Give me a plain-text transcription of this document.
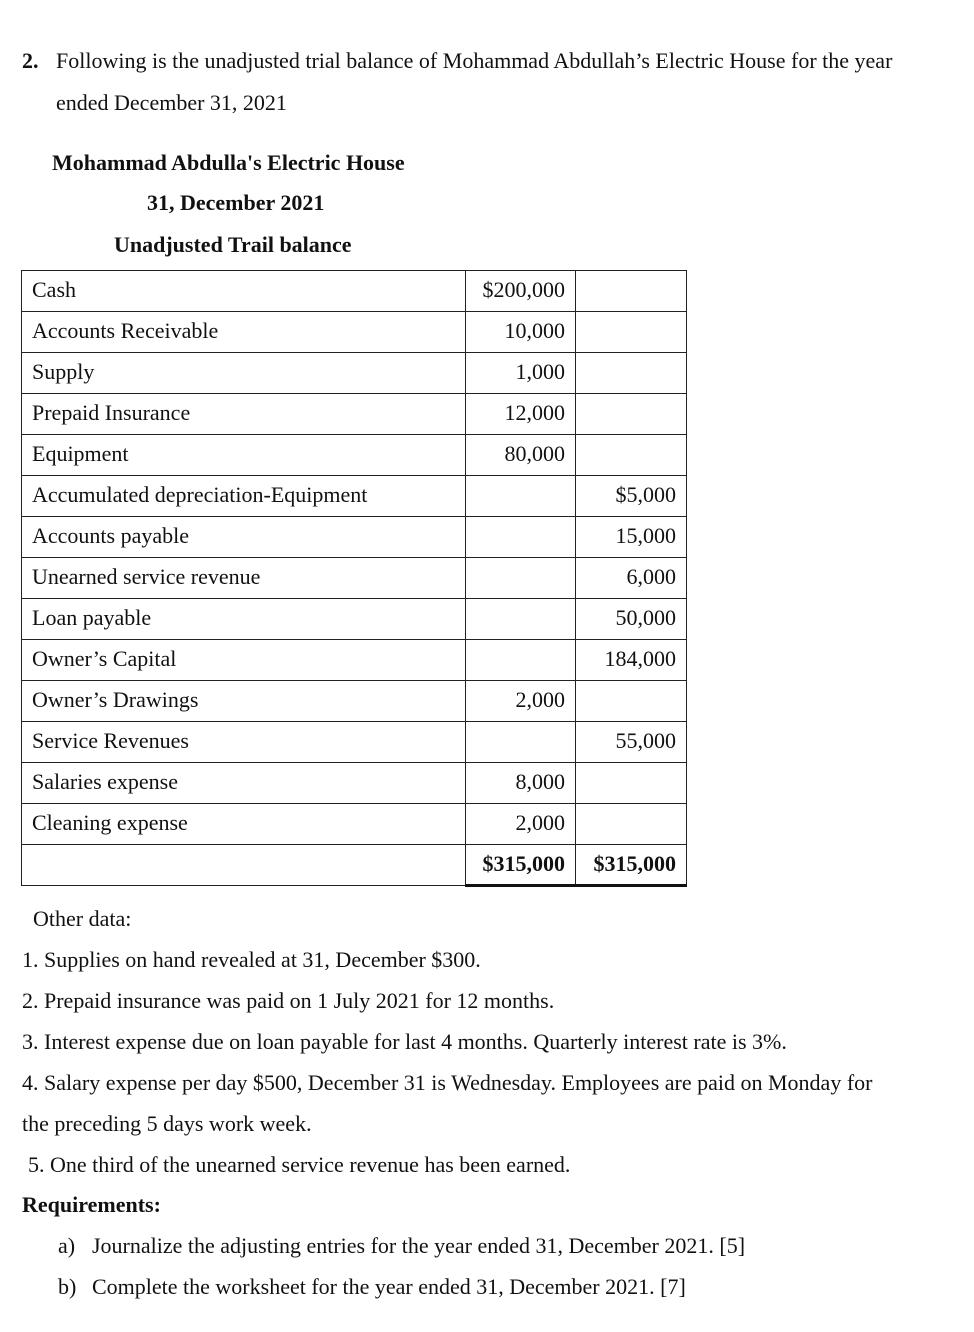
2. Following is the unadjusted trial balance of Mohammad Abdullah’s Electric House for the year
ended December 31, 2021
Mohammad Abdulla's Electric House
31, December 2021
Unadjusted Trail balance
Cash	$200,000	
Accounts Receivable	10,000	
Supply	1,000	
Prepaid Insurance	12,000	
Equipment	80,000	
Accumulated depreciation-Equipment		$5,000
Accounts payable		15,000
Unearned service revenue		6,000
Loan payable		50,000
Owner’s Capital		184,000
Owner’s Drawings	2,000	
Service Revenues		55,000
Salaries expense	8,000	
Cleaning expense	2,000	
	$315,000	$315,000
Other data:
1. Supplies on hand revealed at 31, December $300.
2. Prepaid insurance was paid on 1 July 2021 for 12 months.
3. Interest expense due on loan payable for last 4 months. Quarterly interest rate is 3%.
4. Salary expense per day $500, December 31 is Wednesday. Employees are paid on Monday for
the preceding 5 days work week.
5. One third of the unearned service revenue has been earned.
Requirements:
a) Journalize the adjusting entries for the year ended 31, December 2021. [5]
b) Complete the worksheet for the year ended 31, December 2021. [7]
